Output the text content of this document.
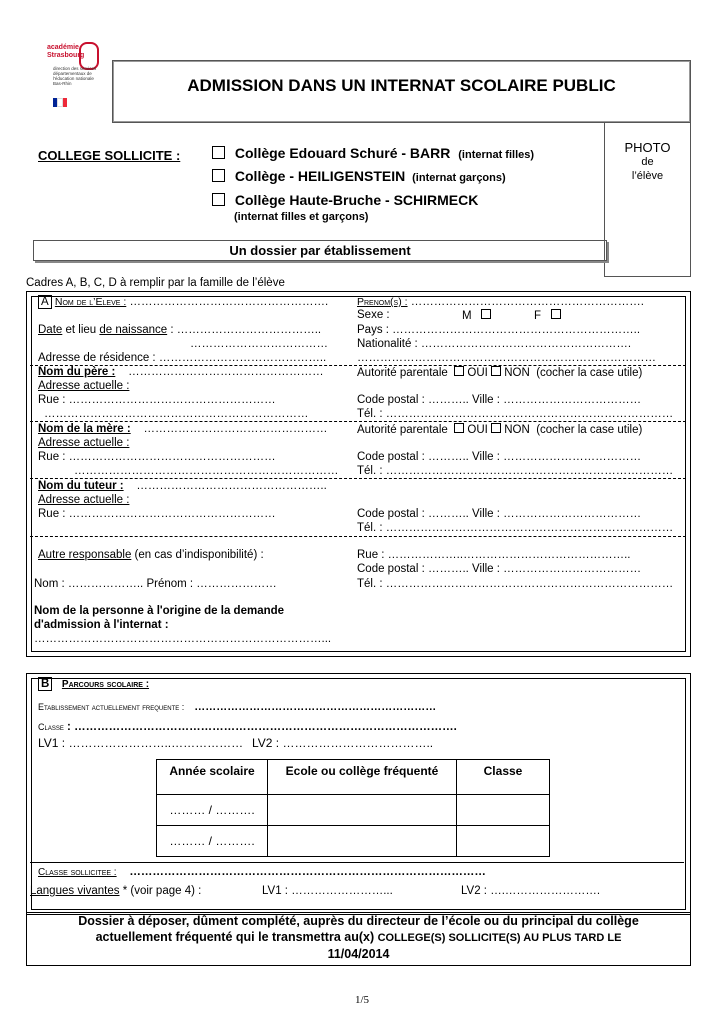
académie Strasbourg
direction des services départementaux de l'éducation nationale Bas-Rhin	ADMISSION DANS UN INTERNAT SCOLAIRE PUBLIC
PHOTO
de
l’élève
COLLEGE SOLLICITE :	Collège Edouard Schuré - BARR (internat filles)
Collège - HEILIGENSTEIN (internat garçons)
Collège Haute-Bruche - SCHIRMECK
(internat filles et garçons)
Un dossier par établissement
Cadres A, B, C, D à remplir par la famille de l’élève
A Nom de l’Eleve : …………………………………………….	Prenom(s) : …………………………………………………….
Sexe :	M	F
Date et lieu de naissance : ………………………………..	Pays : ………………………………………………………..
………………………………	Nationalité : ……………………………………………….
Adresse de résidence : ……………………………………..	……………………………………………………………………
Nom du père : ……………………………………………	Autorité parentale OUI NON (cocher la case utile)
Adresse actuelle :
Rue : ………………………………………………	Code postal : ……….. Ville : ………………………………
……………………………………………………………	Tél. : …………………………………………………………………
Nom de la mère : …………………………………………	Autorité parentale OUI NON (cocher la case utile)
Adresse actuelle :
Rue : ………………………………………………	Code postal : ……….. Ville : ………………………………
…………………………………………………………… Tél. : …………………………………………………………………
Nom du tuteur : …………………………………………..
Adresse actuelle :
Rue : ………………………………………………	Code postal : ……….. Ville : ………………………………
Tél. : …………………………………………………………………
Autre responsable (en cas d’indisponibilité) :	Rue : ………………..……………………………………..
Code postal : ……….. Ville : ………………………………
Nom : ……………….. Prénom : …………………	Tél. : …………………………………………………………………
Nom de la personne à l'origine de la demande
d'admission à l'internat :
…………………………………………………………………...
B Parcours scolaire :
Etablissement actuellement frequente : …………………………………………………………
Classe : ……………………………………………………………………………………….
LV1 : ……………………..……………… LV2 : ………………………………..
Année scolaire	Ecole ou collège fréquenté	Classe
……… / ……….		
……… / ……….		
Classe sollicitee : …………………………………………………………………………………
Langues vivantes * (voir page 4) :	LV1 : ……………………...	LV2 : ….…………………….
Dossier à déposer, dûment complété, auprès du directeur de l’école ou du principal du collège
actuellement fréquenté qui le transmettra au(x) COLLEGE(S) SOLLICITE(S) AU PLUS TARD LE
11/04/2014
1/5
